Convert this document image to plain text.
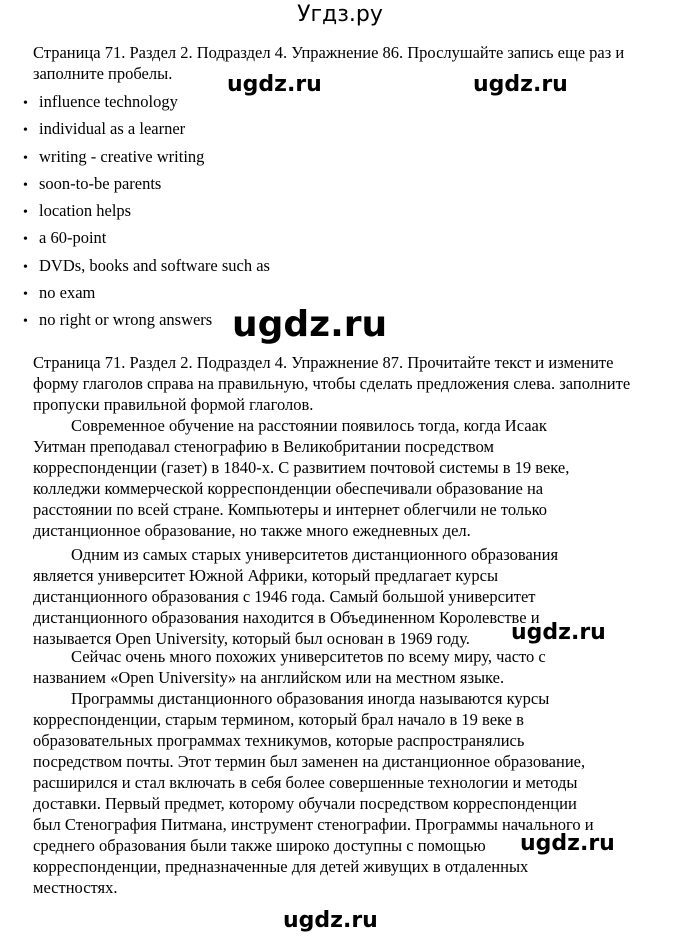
Угдз.ру
Страница 71. Раздел 2. Подраздел 4. Упражнение 86. Прослушайте запись еще раз и заполните пробелы.
• influence technology
• individual as a learner
• writing - creative writing
• soon-to-be parents
• location helps
• a 60-point
• DVDs, books and software such as
• no exam
• no right or wrong answers
Страница 71. Раздел 2. Подраздел 4. Упражнение 87. Прочитайте текст и измените форму глаголов справа на правильную, чтобы сделать предложения слева. заполните пропуски правильной формой глаголов.
Современное обучение на расстоянии появилось тогда, когда Исаак
Уитман преподавал стенографию в Великобритании посредством
корреспонденции (газет) в 1840-х. С развитием почтовой системы в 19 веке,
колледжи коммерческой корреспонденции обеспечивали образование на
расстоянии по всей стране. Компьютеры и интернет облегчили не только
дистанционное образование, но также много ежедневных дел.
Одним из самых старых университетов дистанционного образования
является университет Южной Африки, который предлагает курсы
дистанционного образования с 1946 года. Самый большой университет
дистанционного образования находится в Объединенном Королевстве и
называется Open University, который был основан в 1969 году.
Сейчас очень много похожих университетов по всему миру, часто с
названием «Open University» на английском или на местном языке.
Программы дистанционного образования иногда называются курсы
корреспонденции, старым термином, который брал начало в 19 веке в
образовательных программах техникумов, которые распространялись
посредством почты. Этот термин был заменен на дистанционное образование,
расширился и стал включать в себя более совершенные технологии и методы
доставки. Первый предмет, которому обучали посредством корреспонденции
был Стенография Питмана, инструмент стенографии. Программы начального и
среднего образования были также широко доступны с помощью
корреспонденции, предназначенные для детей живущих в отдаленных
местностях.
ugdz.ru	ugdz.ru
ugdz.ru
ugdz.ru
ugdz.ru
ugdz.ru
